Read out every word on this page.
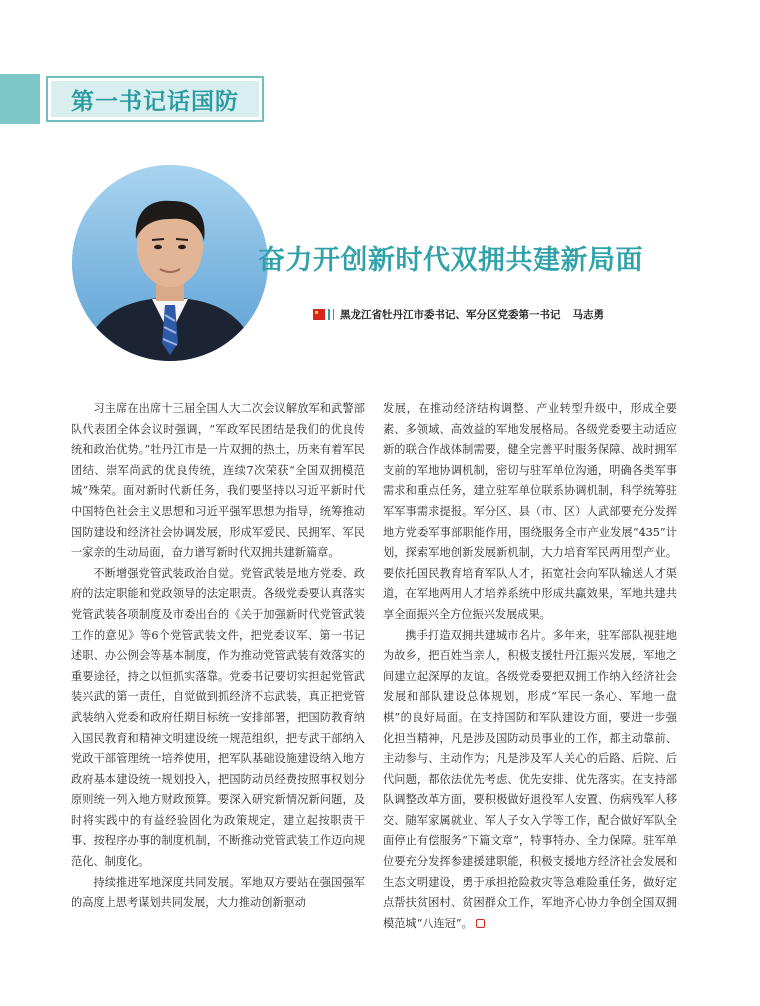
第一书记话国防
奋力开创新时代双拥共建新局面
黑龙江省牡丹江市委书记、军分区党委第一书记 马志勇

习主席在出席十三届全国人大二次会议解放军和武警部队代表团全体会议时强调，“军政军民团结是我们的优良传统和政治优势。”牡丹江市是一片双拥的热土，历来有着军民团结、崇军尚武的优良传统，连续7次荣获“全国双拥模范城”殊荣。面对新时代新任务，我们要坚持以习近平新时代中国特色社会主义思想和习近平强军思想为指导，统筹推动国防建设和经济社会协调发展，形成军爱民、民拥军、军民一家亲的生动局面，奋力谱写新时代双拥共建新篇章。

不断增强党管武装政治自觉。党管武装是地方党委、政府的法定职能和党政领导的法定职责。各级党委要认真落实党管武装各项制度及市委出台的《关于加强新时代党管武装工作的意见》等6个党管武装文件，把党委议军、第一书记述职、办公例会等基本制度，作为推动党管武装有效落实的重要途径，持之以恒抓实落靠。党委书记要切实担起党管武装兴武的第一责任，自觉做到抓经济不忘武装，真正把党管武装纳入党委和政府任期目标统一安排部署，把国防教育纳入国民教育和精神文明建设统一规范组织，把专武干部纳入党政干部管理统一培养使用，把军队基础设施建设纳入地方政府基本建设统一规划投入，把国防动员经费按照事权划分原则统一列入地方财政预算。要深入研究新情况新问题，及时将实践中的有益经验固化为政策规定，建立起按职责干事、按程序办事的制度机制，不断推动党管武装工作迈向规范化、制度化。

持续推进军地深度共同发展。军地双方要站在强国强军的高度上思考谋划共同发展，大力推动创新驱动

发展，在推动经济结构调整、产业转型升级中，形成全要素、多领域、高效益的军地发展格局。各级党委要主动适应新的联合作战体制需要，健全完善平时服务保障、战时拥军支前的军地协调机制，密切与驻军单位沟通，明确各类军事需求和重点任务，建立驻军单位联系协调机制，科学统筹驻军军事需求提报。军分区、县（市、区）人武部要充分发挥地方党委军事部职能作用，围绕服务全市产业发展“435”计划，探索军地创新发展新机制，大力培育军民两用型产业。要依托国民教育培育军队人才，拓宽社会向军队输送人才渠道，在军地两用人才培养系统中形成共赢效果，军地共建共享全面振兴全方位振兴发展成果。

携手打造双拥共建城市名片。多年来，驻军部队视驻地为故乡，把百姓当亲人，积极支援牡丹江振兴发展，军地之间建立起深厚的友谊。各级党委要把双拥工作纳入经济社会发展和部队建设总体规划，形成“军民一条心、军地一盘棋”的良好局面。在支持国防和军队建设方面，要进一步强化担当精神，凡是涉及国防动员事业的工作，都主动靠前、主动参与、主动作为；凡是涉及军人关心的后路、后院、后代问题，都依法优先考虑、优先安排、优先落实。在支持部队调整改革方面，要积极做好退役军人安置、伤病残军人移交、随军家属就业、军人子女入学等工作，配合做好军队全面停止有偿服务“下篇文章”，特事特办、全力保障。驻军单位要充分发挥参建援建职能，积极支援地方经济社会发展和生态文明建设，勇于承担抢险救灾等急难险重任务，做好定点帮扶贫困村、贫困群众工作，军地齐心协力争创全国双拥模范城“八连冠”。
